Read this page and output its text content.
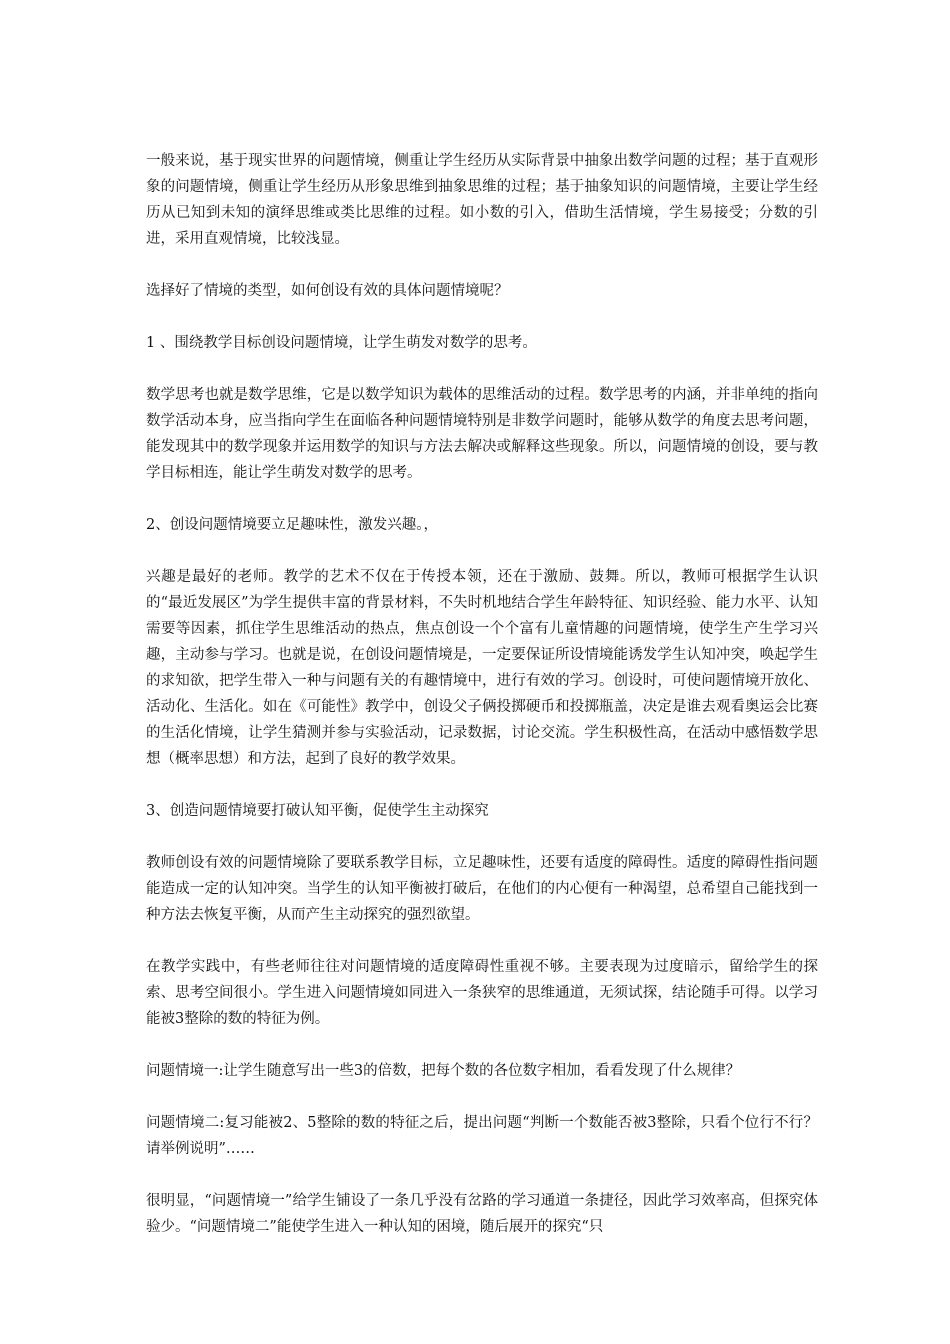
一般来说，基于现实世界的问题情境，侧重让学生经历从实际背景中抽象出数学问题的过程；基于直观形象的问题情境，侧重让学生经历从形象思维到抽象思维的过程；基于抽象知识的问题情境，主要让学生经历从已知到未知的演绎思维或类比思维的过程。如小数的引入，借助生活情境，学生易接受；分数的引进，采用直观情境，比较浅显。

选择好了情境的类型，如何创设有效的具体问题情境呢？

1 、围绕教学目标创设问题情境，让学生萌发对数学的思考。

数学思考也就是数学思维，它是以数学知识为载体的思维活动的过程。数学思考的内涵，并非单纯的指向数学活动本身，应当指向学生在面临各种问题情境特别是非数学问题时，能够从数学的角度去思考问题，能发现其中的数学现象并运用数学的知识与方法去解决或解释这些现象。所以，问题情境的创设，要与教学目标相连，能让学生萌发对数学的思考。

2、创设问题情境要立足趣味性，激发兴趣。，

兴趣是最好的老师。教学的艺术不仅在于传授本领，还在于激励、鼓舞。所以，教师可根据学生认识的“最近发展区”为学生提供丰富的背景材料，不失时机地结合学生年龄特征、知识经验、能力水平、认知需要等因素，抓住学生思维活动的热点，焦点创设一个个富有儿童情趣的问题情境，使学生产生学习兴趣，主动参与学习。也就是说，在创设问题情境是，一定要保证所设情境能诱发学生认知冲突，唤起学生的求知欲，把学生带入一种与问题有关的有趣情境中，进行有效的学习。创设时，可使问题情境开放化、活动化、生活化。如在《可能性》教学中，创设父子俩投掷硬币和投掷瓶盖，决定是谁去观看奥运会比赛的生活化情境，让学生猜测并参与实验活动，记录数据，讨论交流。学生积极性高，在活动中感悟数学思想（概率思想）和方法，起到了良好的教学效果。

3、创造问题情境要打破认知平衡，促使学生主动探究

教师创设有效的问题情境除了要联系教学目标，立足趣味性，还要有适度的障碍性。适度的障碍性指问题能造成一定的认知冲突。当学生的认知平衡被打破后，在他们的内心便有一种渴望，总希望自己能找到一种方法去恢复平衡，从而产生主动探究的强烈欲望。

在教学实践中，有些老师往往对问题情境的适度障碍性重视不够。主要表现为过度暗示，留给学生的探索、思考空间很小。学生进入问题情境如同进入一条狭窄的思维通道，无须试探，结论随手可得。以学习能被3整除的数的特征为例。

问题情境一:让学生随意写出一些3的倍数，把每个数的各位数字相加，看看发现了什么规律？

问题情境二:复习能被2、5整除的数的特征之后，提出问题“判断一个数能否被3整除，只看个位行不行？请举例说明”……

很明显，“问题情境一”给学生铺设了一条几乎没有岔路的学习通道一条捷径，因此学习效率高，但探究体验少。“问题情境二”能使学生进入一种认知的困境，随后展开的探究“只
